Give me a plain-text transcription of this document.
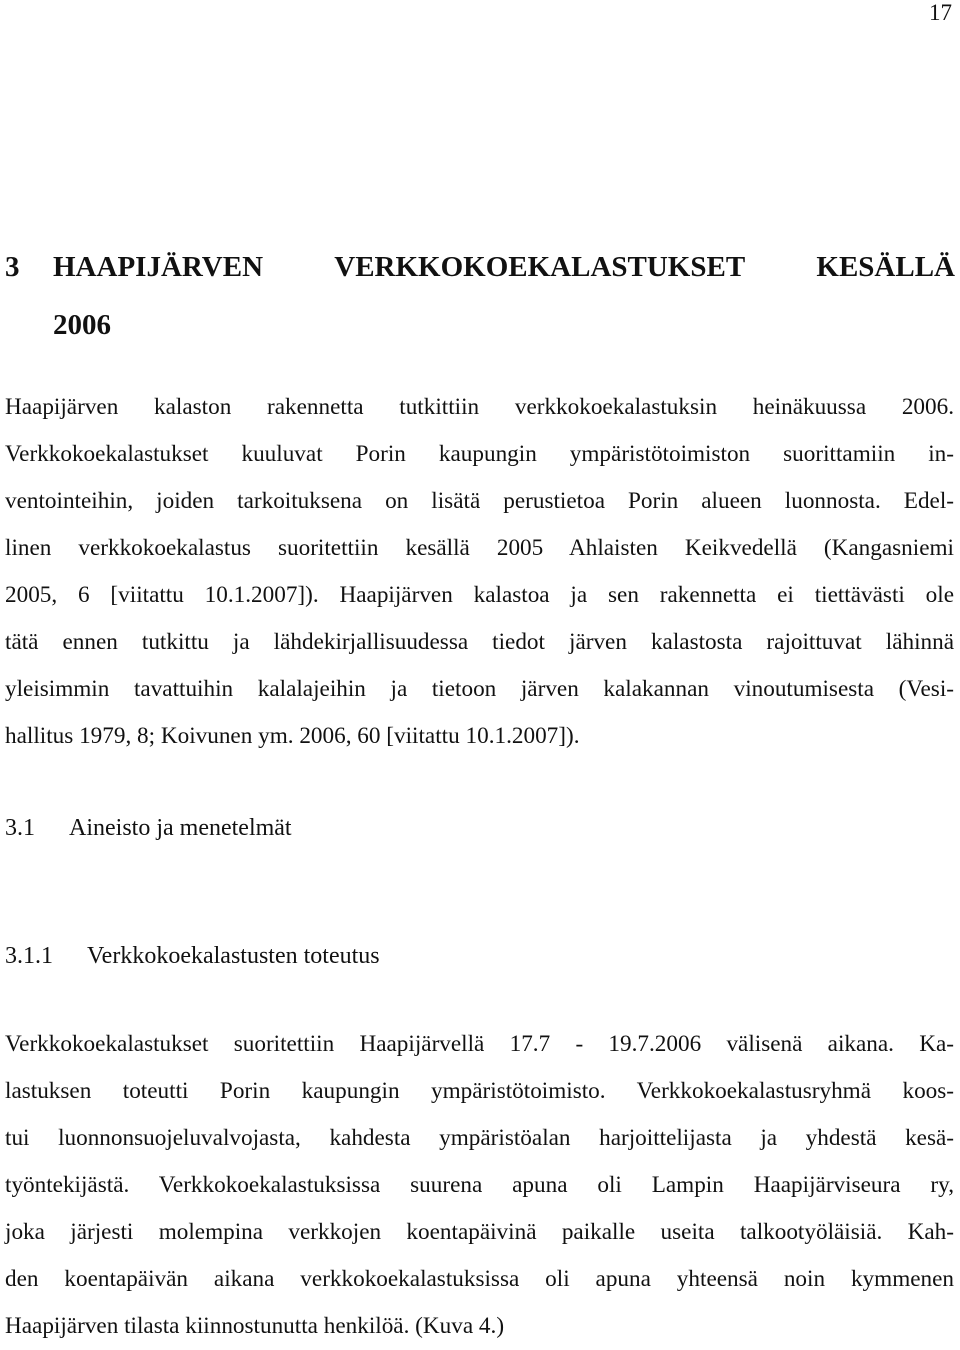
17
3	HAAPIJÄRVEN VERKKOKOEKALASTUKSET KESÄLLÄ
2006
Haapijärven kalaston rakennetta tutkittiin verkkokoekalastuksin heinäkuussa 2006.
Verkkokoekalastukset kuuluvat Porin kaupungin ympäristötoimiston suorittamiin in-
ventointeihin, joiden tarkoituksena on lisätä perustietoa Porin alueen luonnosta. Edel-
linen verkkokoekalastus suoritettiin kesällä 2005 Ahlaisten Keikvedellä (Kangasniemi
2005, 6 [viitattu 10.1.2007]). Haapijärven kalastoa ja sen rakennetta ei tiettävästi ole
tätä ennen tutkittu ja lähdekirjallisuudessa tiedot järven kalastosta rajoittuvat lähinnä
yleisimmin tavattuihin kalalajeihin ja tietoon järven kalakannan vinoutumisesta (Vesi-
hallitus 1979, 8; Koivunen ym. 2006, 60 [viitattu 10.1.2007]).
3.1 Aineisto ja menetelmät
3.1.1 Verkkokoekalastusten toteutus
Verkkokoekalastukset suoritettiin Haapijärvellä 17.7 - 19.7.2006 välisenä aikana. Ka-
lastuksen toteutti Porin kaupungin ympäristötoimisto. Verkkokoekalastusryhmä koos-
tui luonnonsuojeluvalvojasta, kahdesta ympäristöalan harjoittelijasta ja yhdestä kesä-
työntekijästä. Verkkokoekalastuksissa suurena apuna oli Lampin Haapijärviseura ry,
joka järjesti molempina verkkojen koentapäivinä paikalle useita talkootyöläisiä. Kah-
den koentapäivän aikana verkkokoekalastuksissa oli apuna yhteensä noin kymmenen
Haapijärven tilasta kiinnostunutta henkilöä. (Kuva 4.)
